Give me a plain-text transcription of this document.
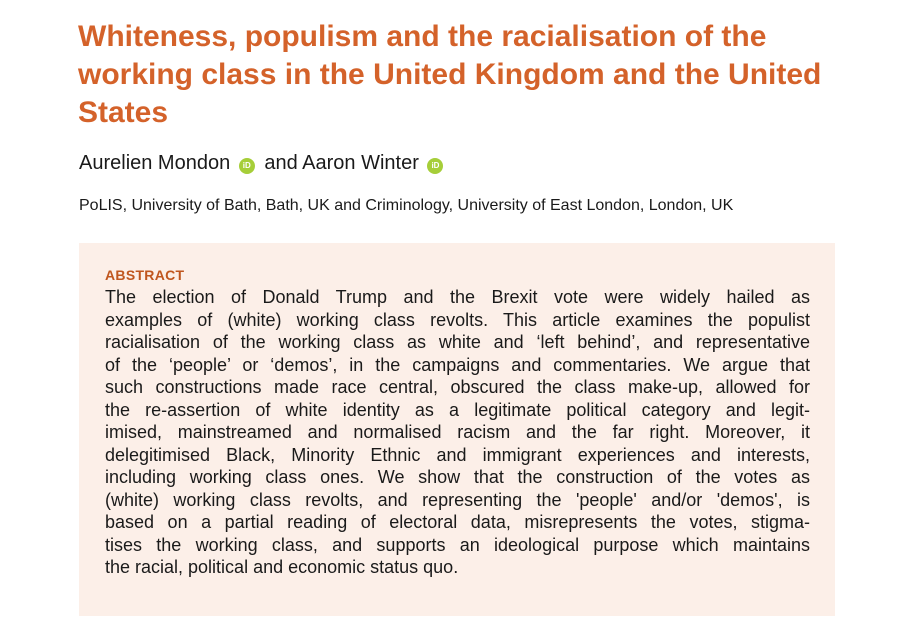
Whiteness, populism and the racialisation of the
working class in the United Kingdom and the United
States
Aurelien Mondon iD and Aaron Winter iD
PoLIS, University of Bath, Bath, UK and Criminology, University of East London, London, UK
ABSTRACT
The election of Donald Trump and the Brexit vote were widely hailed as
examples of (white) working class revolts. This article examines the populist
racialisation of the working class as white and ‘left behind’, and representative
of the ‘people’ or ‘demos’, in the campaigns and commentaries. We argue that
such constructions made race central, obscured the class make-up, allowed for
the re-assertion of white identity as a legitimate political category and legit-
imised, mainstreamed and normalised racism and the far right. Moreover, it
delegitimised Black, Minority Ethnic and immigrant experiences and interests,
including working class ones. We show that the construction of the votes as
(white) working class revolts, and representing the 'people' and/or 'demos', is
based on a partial reading of electoral data, misrepresents the votes, stigma-
tises the working class, and supports an ideological purpose which maintains
the racial, political and economic status quo.
